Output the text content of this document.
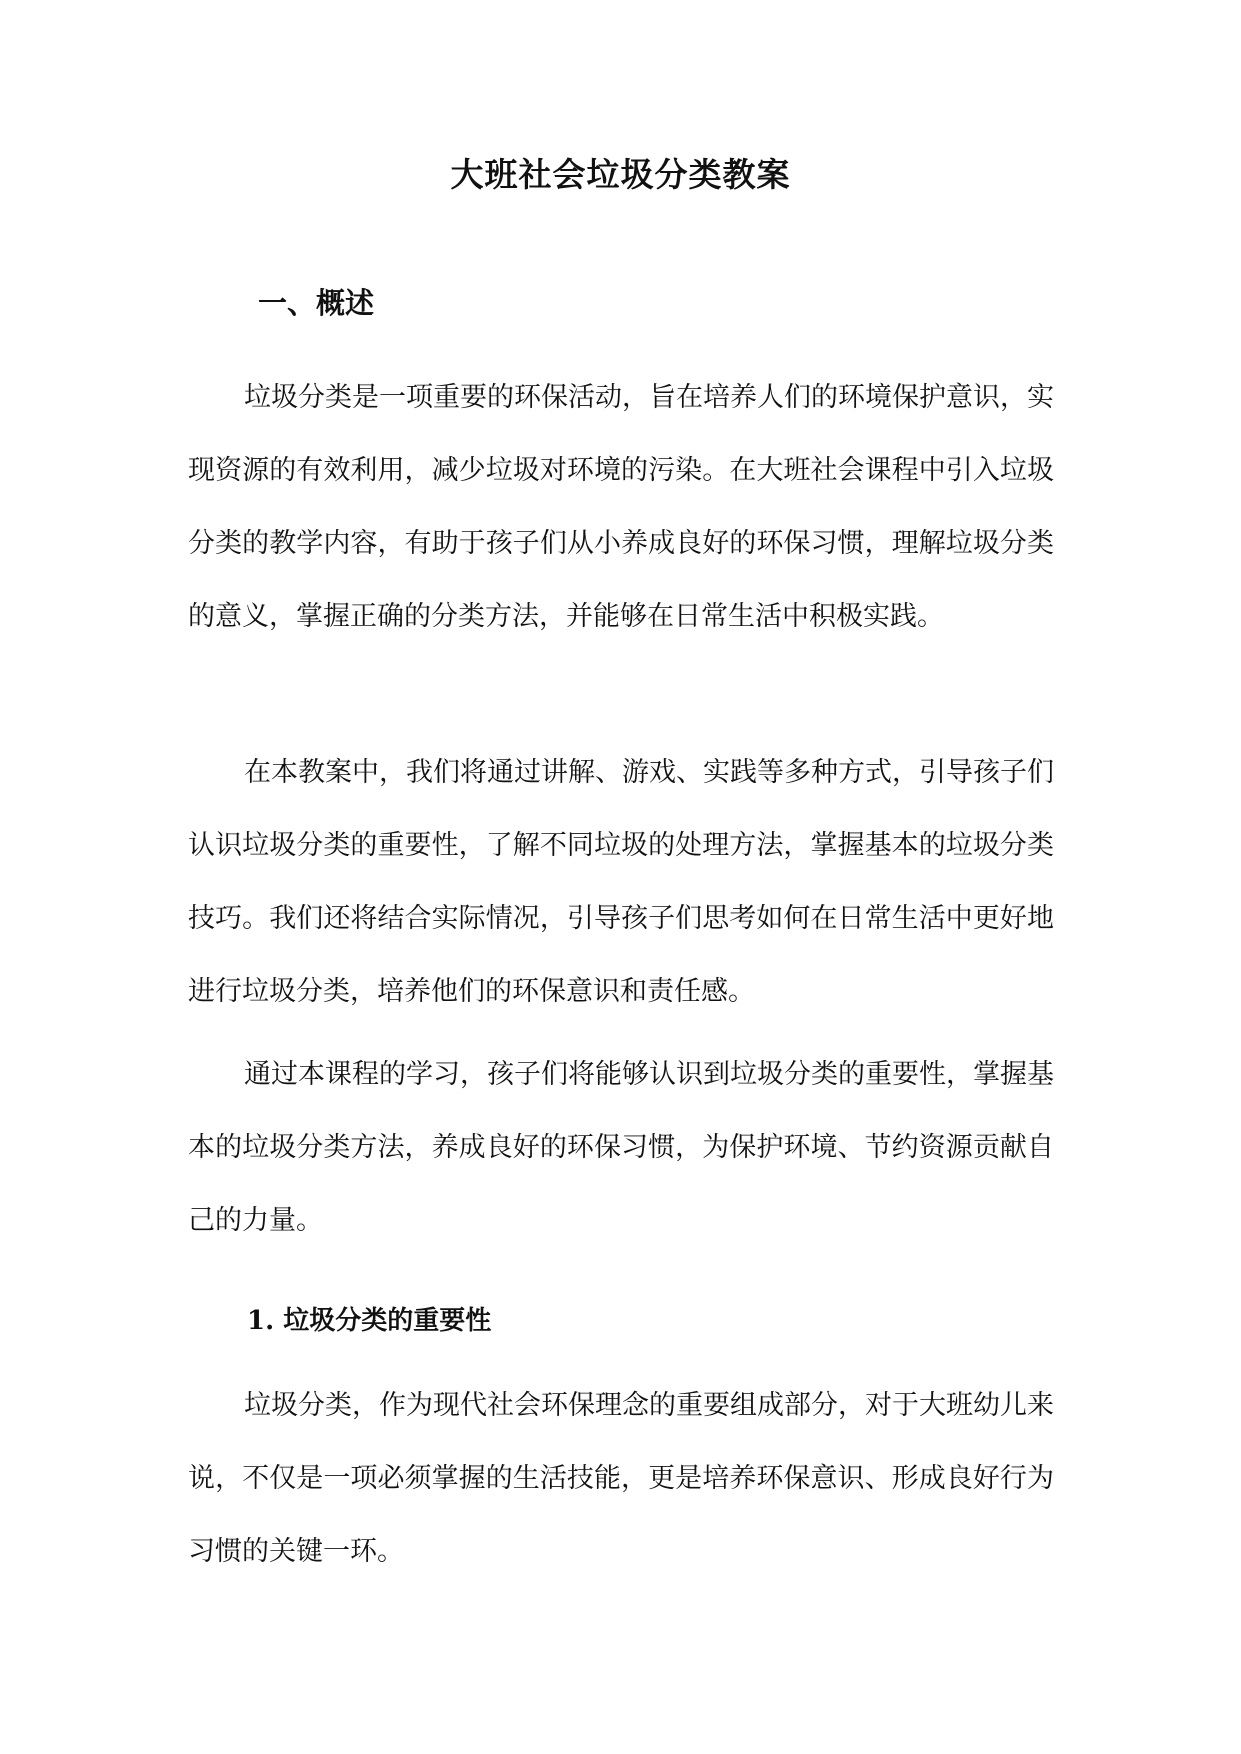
大班社会垃圾分类教案
一、概述

垃圾分类是一项重要的环保活动，旨在培养人们的环境保护意识，实现资源的有效利用，减少垃圾对环境的污染。在大班社会课程中引入垃圾分类的教学内容，有助于孩子们从小养成良好的环保习惯，理解垃圾分类的意义，掌握正确的分类方法，并能够在日常生活中积极实践。

在本教案中，我们将通过讲解、游戏、实践等多种方式，引导孩子们认识垃圾分类的重要性，了解不同垃圾的处理方法，掌握基本的垃圾分类技巧。我们还将结合实际情况，引导孩子们思考如何在日常生活中更好地进行垃圾分类，培养他们的环保意识和责任感。

通过本课程的学习，孩子们将能够认识到垃圾分类的重要性，掌握基本的垃圾分类方法，养成良好的环保习惯，为保护环境、节约资源贡献自己的力量。

1. 垃圾分类的重要性

垃圾分类，作为现代社会环保理念的重要组成部分，对于大班幼儿来说，不仅是一项必须掌握的生活技能，更是培养环保意识、形成良好行为习惯的关键一环。
